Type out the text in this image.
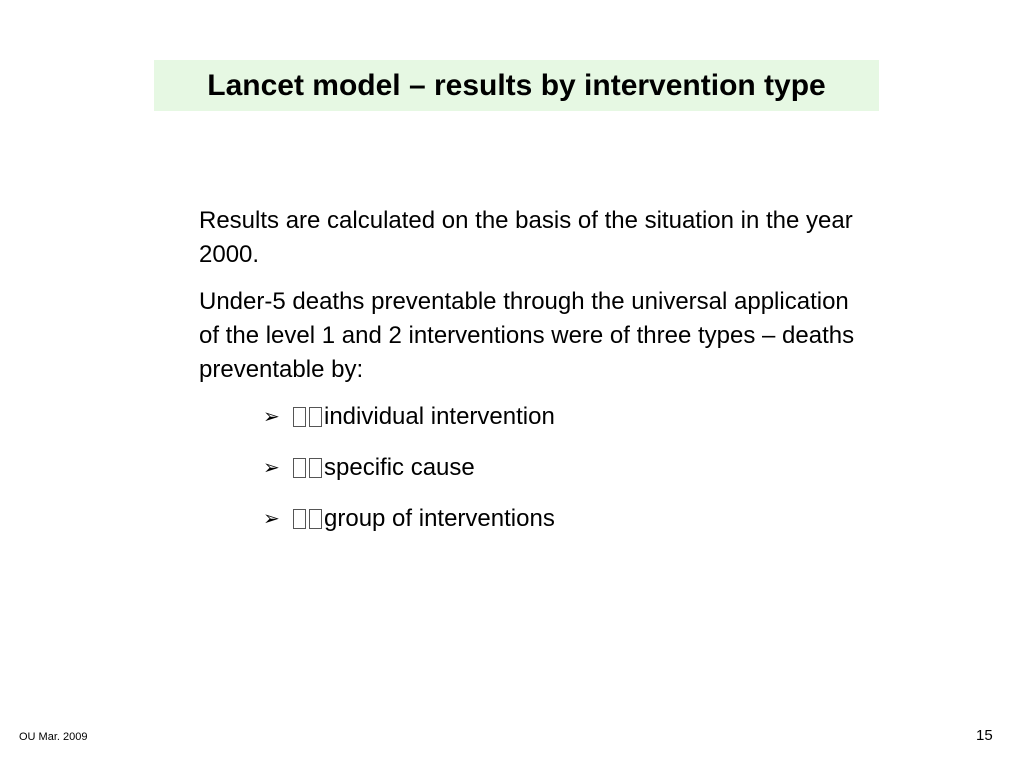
Lancet model – results by intervention type

Results are calculated on the basis of the situation in the year 2000.

Under-5 deaths preventable through the universal application of the level 1 and 2 interventions were of three types – deaths preventable by:

➢ individual intervention
➢ specific cause
➢ group of interventions
OU Mar. 2009	15
